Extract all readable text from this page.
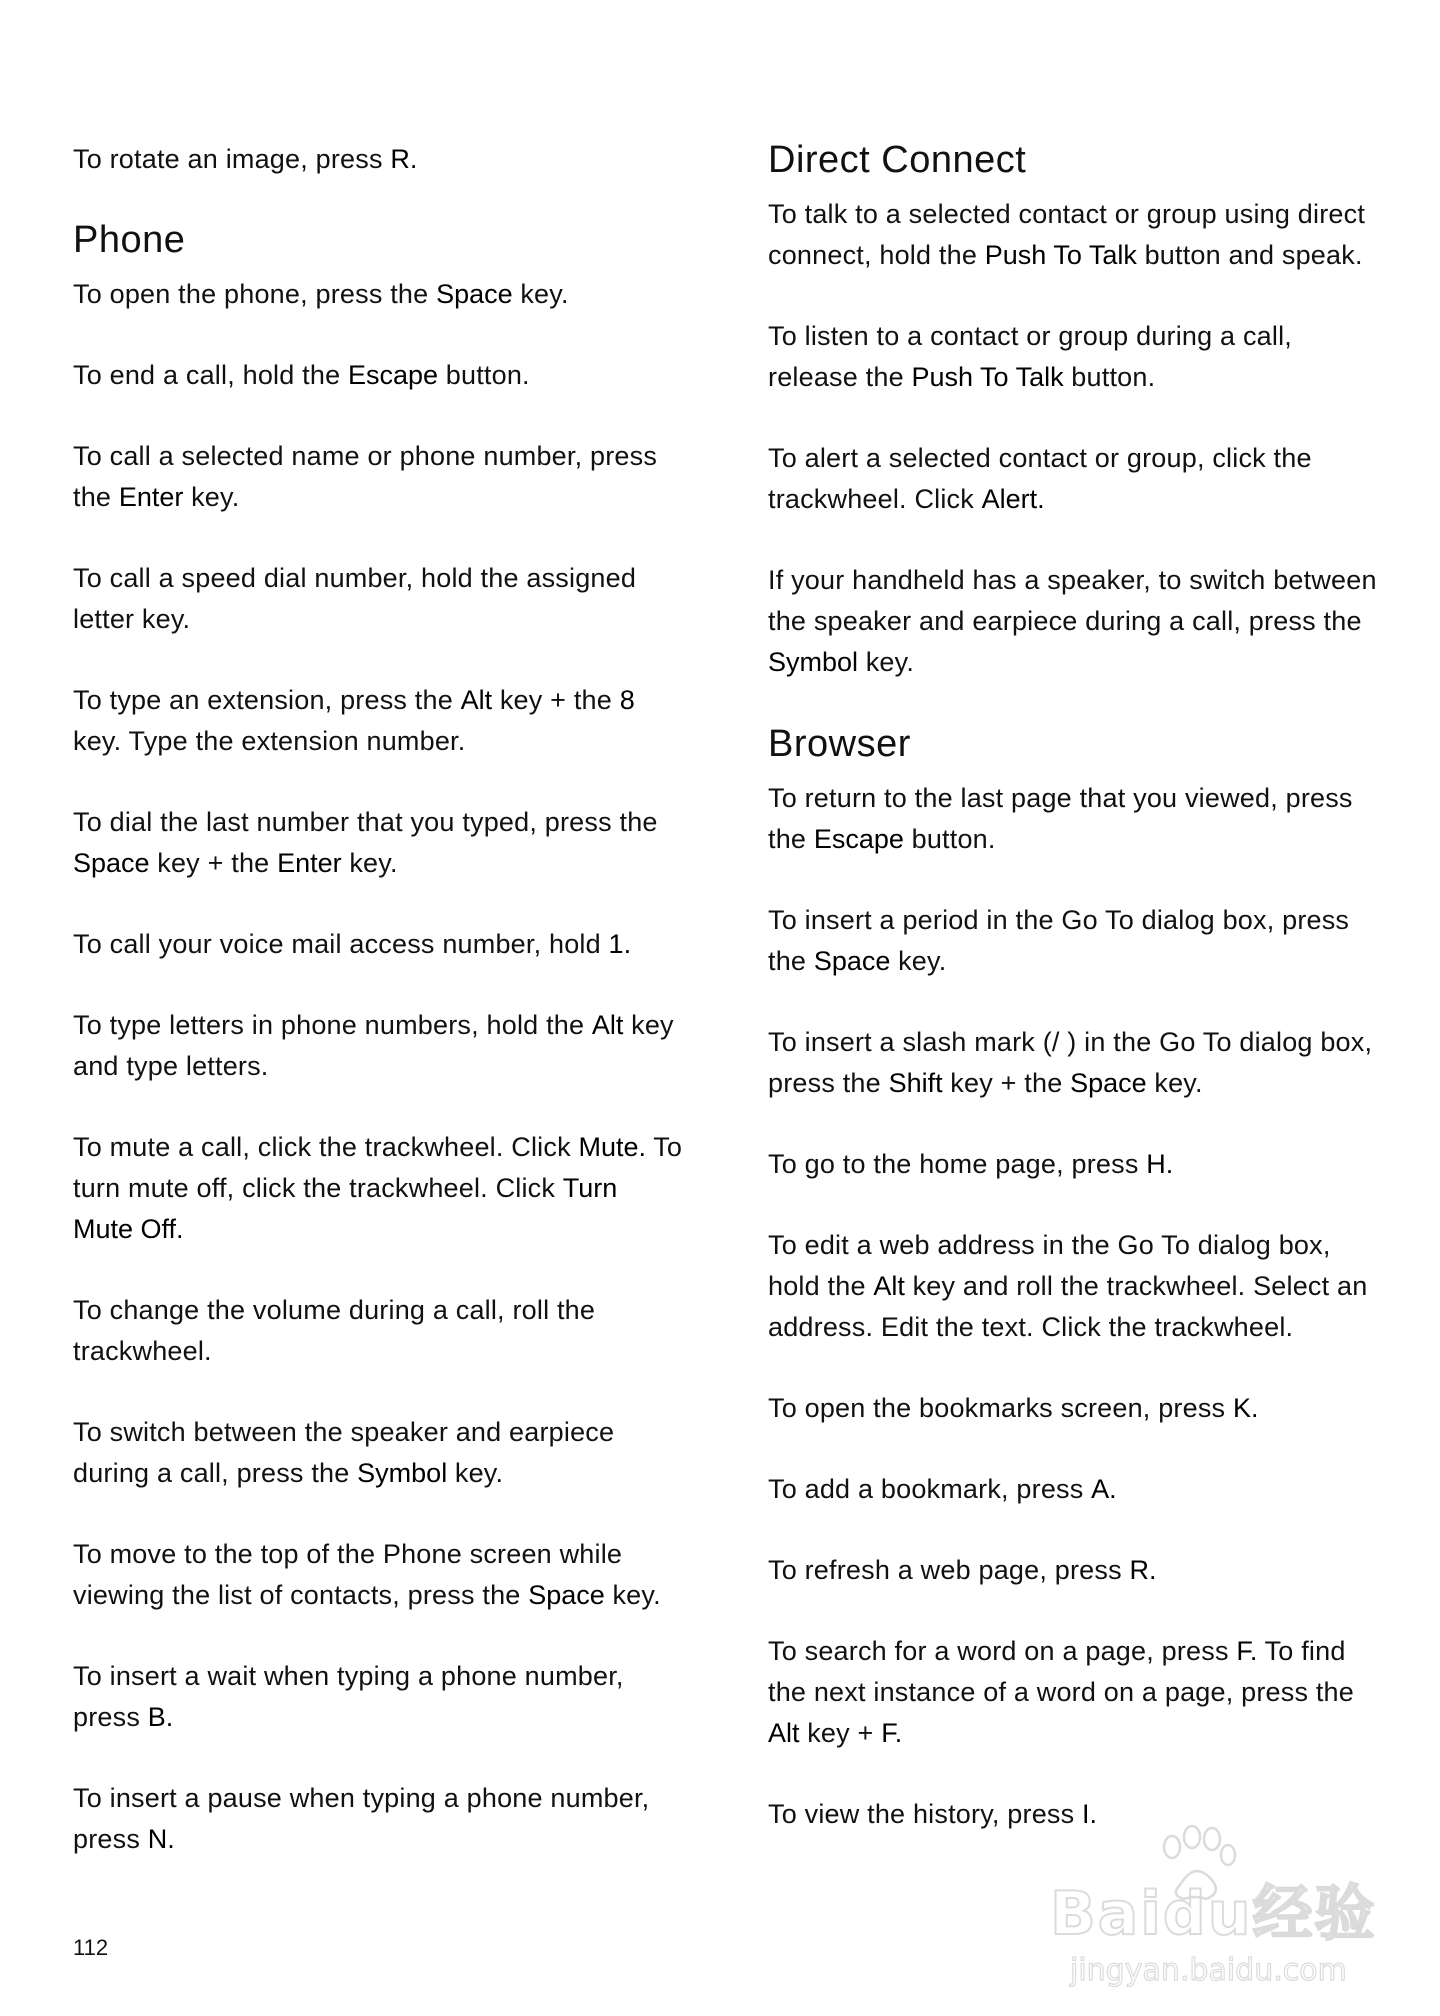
To rotate an image, press R.

Phone

To open the phone, press the Space key.

To end a call, hold the Escape button.

To call a selected name or phone number, press

the Enter key.

To call a speed dial number, hold the assigned

letter key.

To type an extension, press the Alt key + the 8

key. Type the extension number.

To dial the last number that you typed, press the

Space key + the Enter key.

To call your voice mail access number, hold 1.

To type letters in phone numbers, hold the Alt key

and type letters.

To mute a call, click the trackwheel. Click Mute. To

turn mute off, click the trackwheel. Click Turn

Mute Off.

To change the volume during a call, roll the

trackwheel.

To switch between the speaker and earpiece

during a call, press the Symbol key.

To move to the top of the Phone screen while

viewing the list of contacts, press the Space key.

To insert a wait when typing a phone number,

press B.

To insert a pause when typing a phone number,

press N.

Direct Connect

To talk to a selected contact or group using direct

connect, hold the Push To Talk button and speak.

To listen to a contact or group during a call,

release the Push To Talk button.

To alert a selected contact or group, click the

trackwheel. Click Alert.

If your handheld has a speaker, to switch between

the speaker and earpiece during a call, press the

Symbol key.

Browser

To return to the last page that you viewed, press

the Escape button.

To insert a period in the Go To dialog box, press

the Space key.

To insert a slash mark (/ ) in the Go To dialog box,

press the Shift key + the Space key.

To go to the home page, press H.

To edit a web address in the Go To dialog box,

hold the Alt key and roll the trackwheel. Select an

address. Edit the text. Click the trackwheel.

To open the bookmarks screen, press K.

To add a bookmark, press A.

To refresh a web page, press R.

To search for a word on a page, press F. To find

the next instance of a word on a page, press the

Alt key + F.

To view the history, press I.

112	Baidu经验
jingyan.baidu.com
